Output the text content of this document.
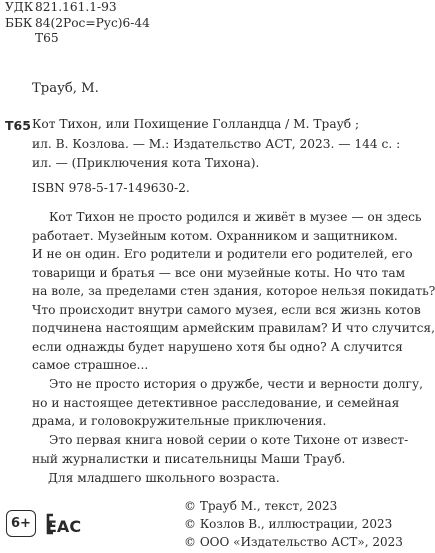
УДК 821.161.1-93
ББК 84(2Рос=Рус)6-44
Т65
Трауб, М.
Т65 Кот Тихон, или Похищение Голландца / М. Трауб ;
ил. В. Козлова. — М.: Издательство АСТ, 2023. — 144 с. :
ил. — (Приключения кота Тихона).
ISBN 978-5-17-149630-2.
Кот Тихон не просто родился и живёт в музее — он здесь
работает. Музейным котом. Охранником и защитником.
И не он один. Его родители и родители его родителей, его
товарищи и братья — все они музейные коты. Но что там
на воле, за пределами стен здания, которое нельзя покидать?
Что происходит внутри самого музея, если вся жизнь котов
подчинена настоящим армейским правилам? И что случится,
если однажды будет нарушено хотя бы одно? А случится
самое страшное...
Это не просто история о дружбе, чести и верности долгу,
но и настоящее детективное расследование, и семейная
драма, и головокружительные приключения.
Это первая книга новой серии о коте Тихоне от извест-
ный журналистки и писательницы Маши Трауб.
Для младшего школьного возраста.
6+ ЕАС
© Трауб М., текст, 2023
© Козлов В., иллюстрации, 2023
© ООО «Издательство АСТ», 2023
